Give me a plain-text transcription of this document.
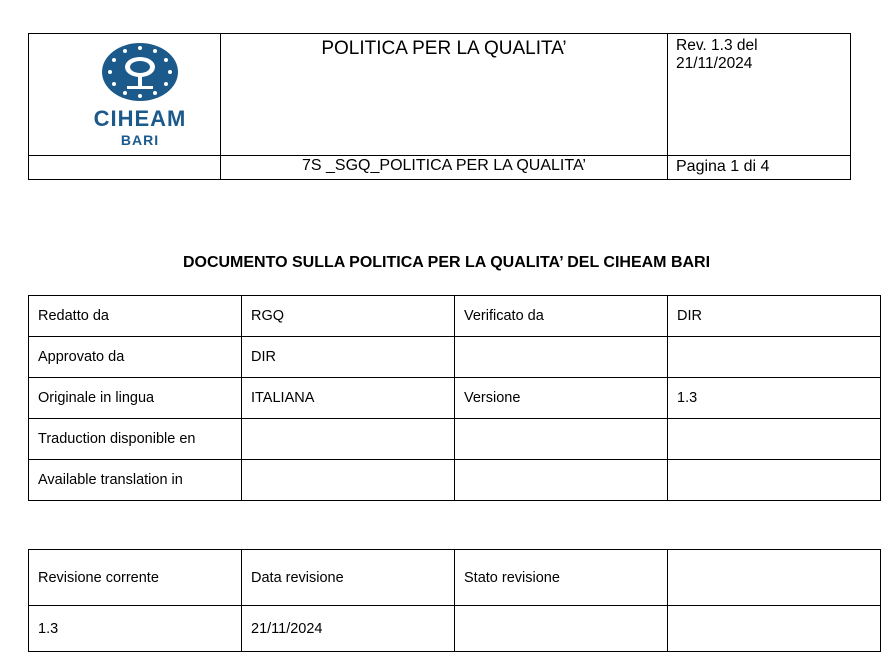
CIHEAM
BARI
POLITICA PER LA QUALITA’	Rev. 1.3 del
21/11/2024
7S _SGQ_POLITICA PER LA QUALITA’	Pagina 1 di 4
DOCUMENTO SULLA POLITICA PER LA QUALITA’ DEL CIHEAM BARI
Redatto da	RGQ	Verificato da	DIR
Approvato da	DIR		
Originale in lingua	ITALIANA	Versione	1.3
Traduction disponible en			
Available translation in			
Revisione corrente	Data revisione	Stato revisione	
1.3	21/11/2024		
